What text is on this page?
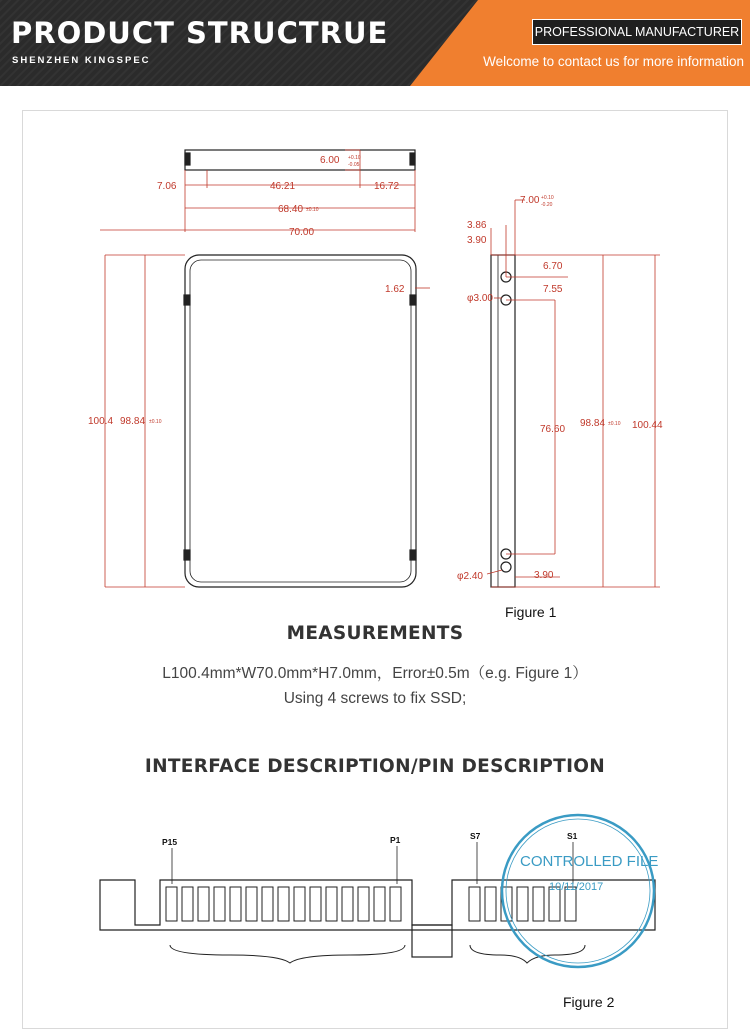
PRODUCT STRUCTRUE
SHENZHEN KINGSPEC
PROFESSIONAL MANUFACTURER
Welcome to contact us for more information
6.00 +0.10
-0.05
7.06	46.21	16.72
68.40 ±0.10
70.00
1.62
100.4 98.84 ±0.10
7.00 +0.10
-0.20
3.86
3.90
6.70
7.55
φ3.00
76.60
98.84 ±0.10 100.44
φ2.40	3.90
Figure 1
MEASUREMENTS
L100.4mm*W70.0mm*H7.0mm，Error±0.5m（e.g. Figure 1）
Using 4 screws to fix SSD;
INTERFACE DESCRIPTION/PIN DESCRIPTION
P15	P1	S7	S1
CONTROLLED FILE
10/11/2017
Figure 2
